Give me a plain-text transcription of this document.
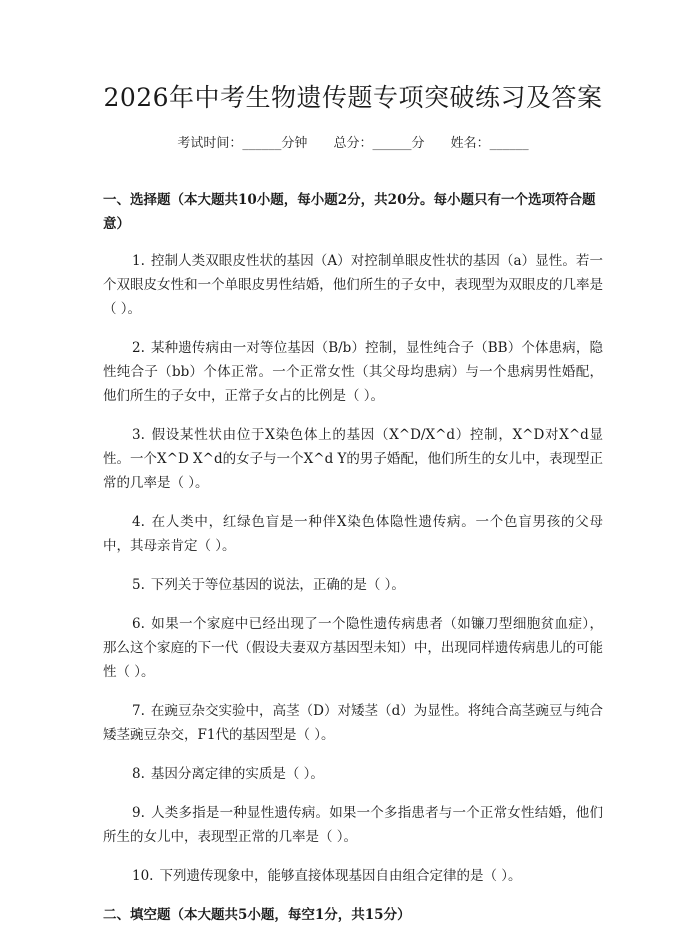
2026年中考生物遗传题专项突破练习及答案
考试时间：______分钟 总分：______分 姓名：______

一、选择题（本大题共10小题，每小题2分，共20分。每小题只有一个选项符合题意）

1. 控制人类双眼皮性状的基因（A）对控制单眼皮性状的基因（a）显性。若一个双眼皮女性和一个单眼皮男性结婚，他们所生的子女中，表现型为双眼皮的几率是（ ）。
2. 某种遗传病由一对等位基因（B/b）控制，显性纯合子（BB）个体患病，隐性纯合子（bb）个体正常。一个正常女性（其父母均患病）与一个患病男性婚配，他们所生的子女中，正常子女占的比例是（ ）。
3. 假设某性状由位于X染色体上的基因（X^D/X^d）控制，X^D对X^d显性。一个X^D X^d的女子与一个X^d Y的男子婚配，他们所生的女儿中，表现型正常的几率是（ ）。
4. 在人类中，红绿色盲是一种伴X染色体隐性遗传病。一个色盲男孩的父母中，其母亲肯定（ ）。
5. 下列关于等位基因的说法，正确的是（ ）。
6. 如果一个家庭中已经出现了一个隐性遗传病患者（如镰刀型细胞贫血症），那么这个家庭的下一代（假设夫妻双方基因型未知）中，出现同样遗传病患儿的可能性（ ）。
7. 在豌豆杂交实验中，高茎（D）对矮茎（d）为显性。将纯合高茎豌豆与纯合矮茎豌豆杂交，F1代的基因型是（ ）。
8. 基因分离定律的实质是（ ）。
9. 人类多指是一种显性遗传病。如果一个多指患者与一个正常女性结婚，他们所生的女儿中，表现型正常的几率是（ ）。
10. 下列遗传现象中，能够直接体现基因自由组合定律的是（ ）。

二、填空题（本大题共5小题，每空1分，共15分）
